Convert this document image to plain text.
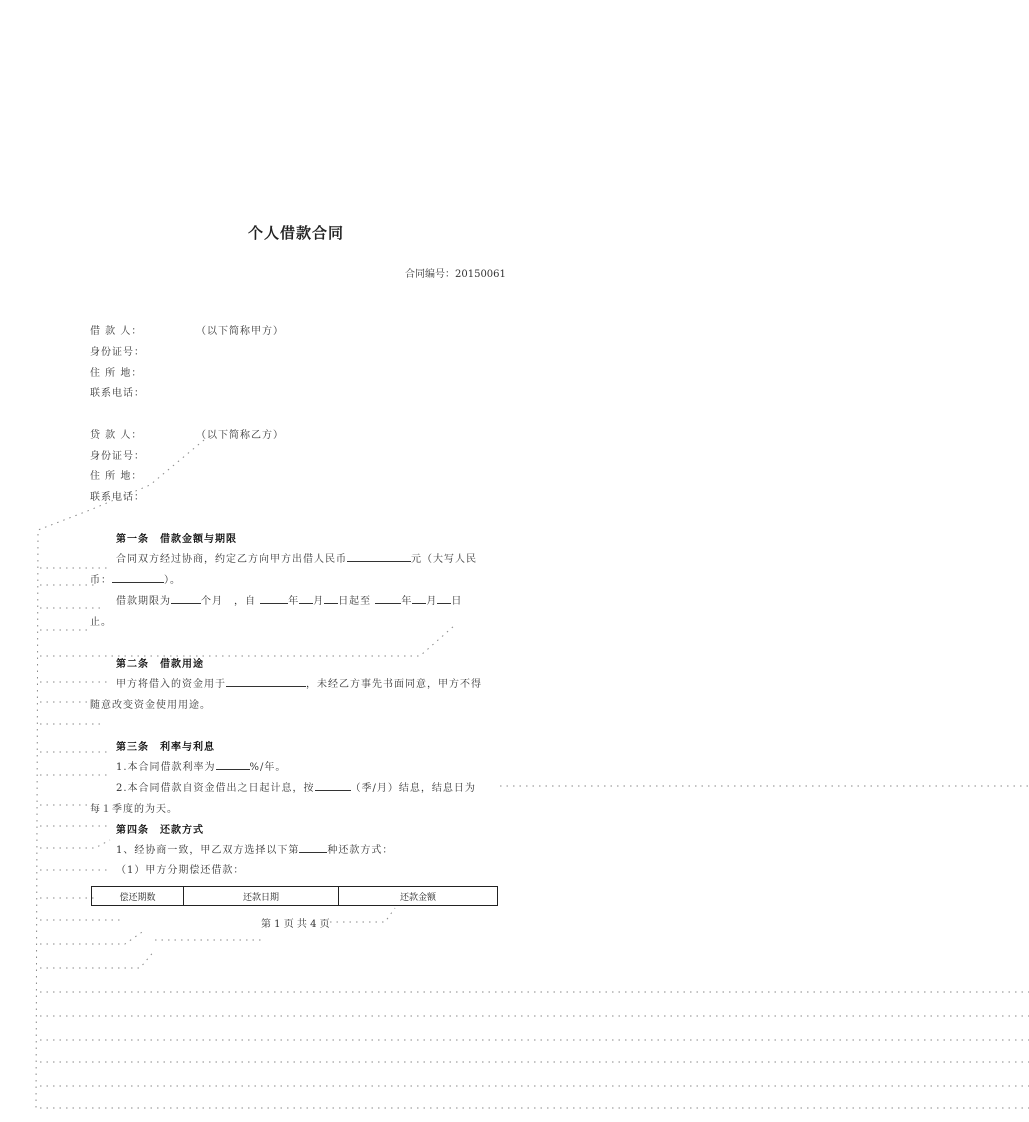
个人借款合同
合同编号：20150061
借 款 人：	（以下简称甲方）
身份证号：
住 所 地：
联系电话：
贷 款 人：	（以下简称乙方）
身份证号：
住 所 地：
联系电话：
第一条　借款金额与期限
合同双方经过协商，约定乙方向甲方出借人民币	元（大写人民
币：	）。
借款期限为	个月　，自	年 月 日起至	年 月 日
止。
第二条　借款用途
甲方将借入的资金用于	，未经乙方事先书面同意，甲方不得
随意改变资金使用用途。
第三条　利率与利息
1.本合同借款利率为	%/年。
2.本合同借款自资金借出之日起计息，按	（季/月）结息，结息日为
每１季度的为天。
第四条　还款方式
1、经协商一致，甲乙双方选择以下第	种还款方式：
（1）甲方分期偿还借款：
偿还期数	还款日期	还款金额
第 1 页 共 4 页
